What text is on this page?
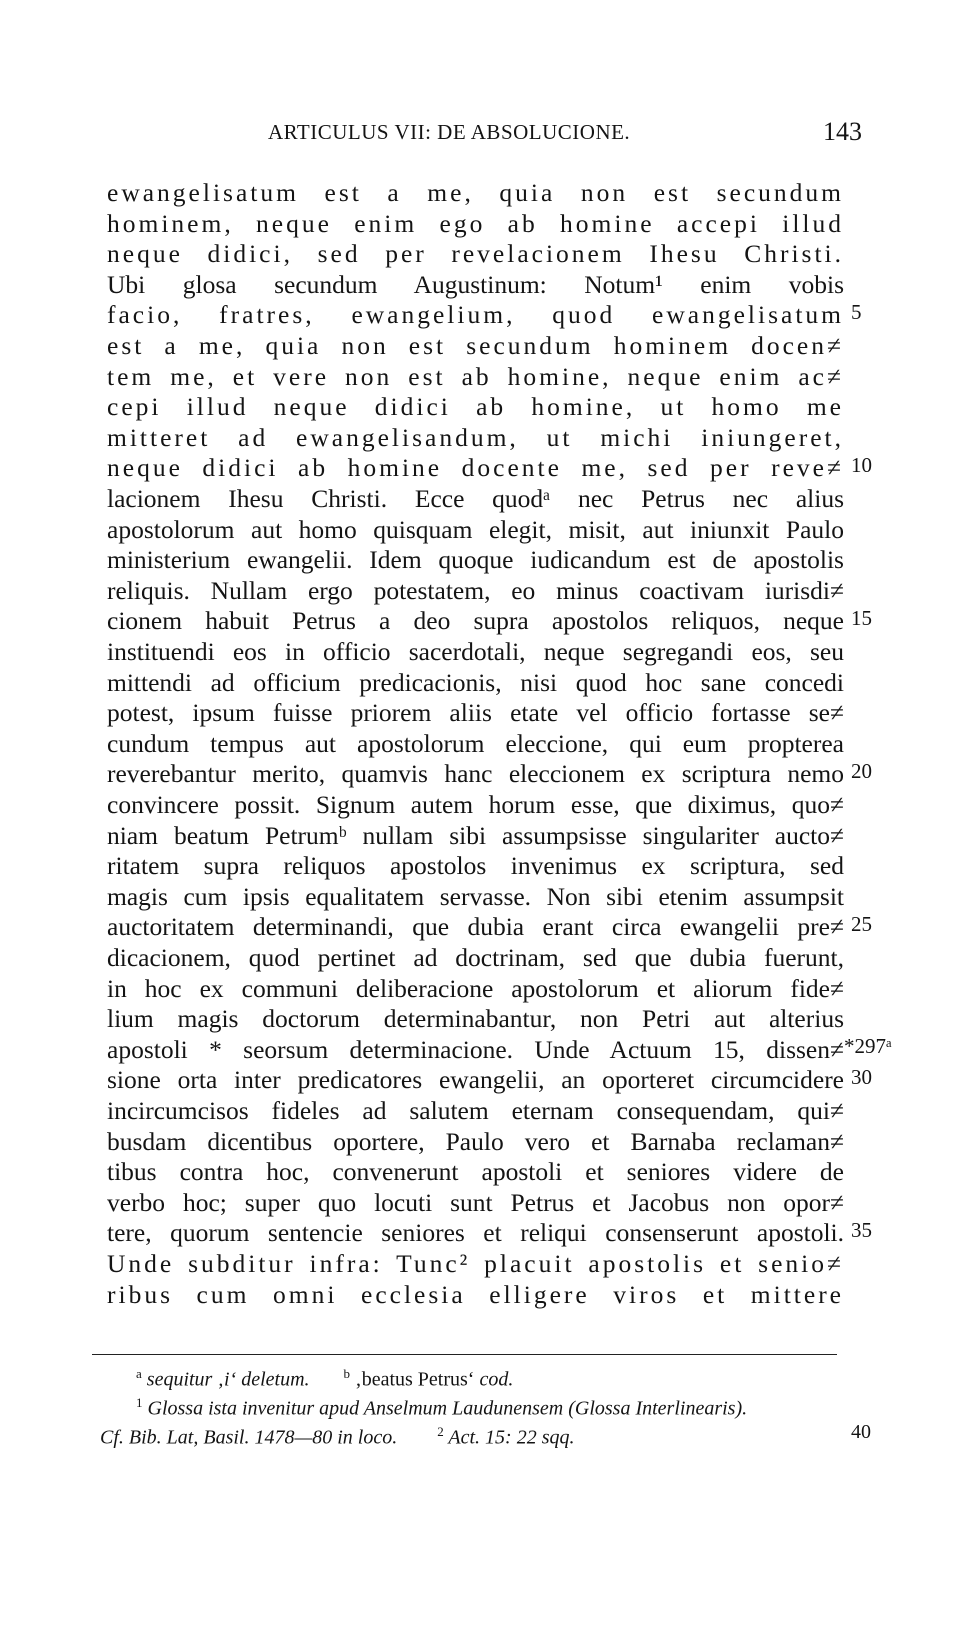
ARTICULUS VII: DE ABSOLUCIONE.	143
ewangelisatum est a me, quia non est secundum
hominem, neque enim ego ab homine accepi illud
neque didici, sed per revelacionem Ihesu Christi.
Ubi glosa secundum Augustinum: Notum¹ enim vobis
facio, fratres, ewangelium, quod ewangelisatum
est a me, quia non est secundum hominem docen≠
tem me, et vere non est ab homine, neque enim ac≠
cepi illud neque didici ab homine, ut homo me
mitteret ad ewangelisandum, ut michi iniungeret,
neque didici ab homine docente me, sed per reve≠
lacionem Ihesu Christi. Ecce quodᵃ nec Petrus nec alius
apostolorum aut homo quisquam elegit, misit, aut iniunxit Paulo
ministerium ewangelii. Idem quoque iudicandum est de apostolis
reliquis. Nullam ergo potestatem, eo minus coactivam iurisdi≠
cionem habuit Petrus a deo supra apostolos reliquos, neque
instituendi eos in officio sacerdotali, neque segregandi eos, seu
mittendi ad officium predicacionis, nisi quod hoc sane concedi
potest, ipsum fuisse priorem aliis etate vel officio fortasse se≠
cundum tempus aut apostolorum eleccione, qui eum propterea
reverebantur merito, quamvis hanc eleccionem ex scriptura nemo
convincere possit. Signum autem horum esse, que diximus, quo≠
niam beatum Petrumᵇ nullam sibi assumpsisse singulariter aucto≠
ritatem supra reliquos apostolos invenimus ex scriptura, sed
magis cum ipsis equalitatem servasse. Non sibi etenim assumpsit
auctoritatem determinandi, que dubia erant circa ewangelii pre≠
dicacionem, quod pertinet ad doctrinam, sed que dubia fuerunt,
in hoc ex communi deliberacione apostolorum et aliorum fide≠
lium magis doctorum determinabantur, non Petri aut alterius
apostoli * seorsum determinacione. Unde Actuum 15, dissen≠
sione orta inter predicatores ewangelii, an oporteret circumcidere
incircumcisos fideles ad salutem eternam consequendam, qui≠
busdam dicentibus oportere, Paulo vero et Barnaba reclaman≠
tibus contra hoc, convenerunt apostoli et seniores videre de
verbo hoc; super quo locuti sunt Petrus et Jacobus non opor≠
tere, quorum sentencie seniores et reliqui consenserunt apostoli.
Unde subditur infra: Tunc² placuit apostolis et senio≠
ribus cum omni ecclesia elligere viros et mittere
5
10
15
20
25
*297ᵃ
30
35
$^a$ sequitur ‚i‘ deletum.	$^b$ ‚beatus Petrus‘ cod.
$^1$ Glossa ista invenitur apud Anselmum Laudunensem (Glossa Interlinearis).
Cf. Bib. Lat, Basil. 1478—80 in loco.	$^2$ Act. 15: 22 sqq.	40
